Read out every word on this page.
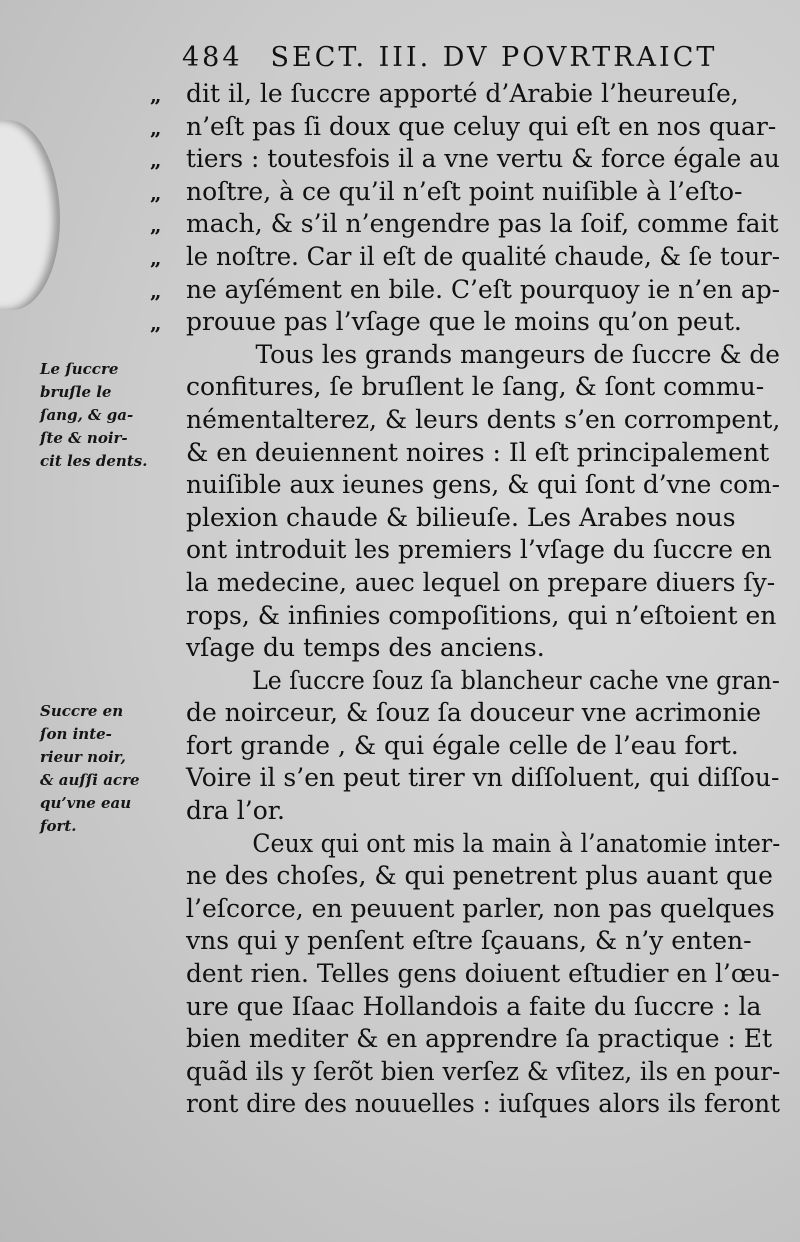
484 SECT. III. DV POVRTRAICT
„ dit il, le ſuccre apporté d’Arabie l’heureuſe,
„ n’eſt pas ſi doux que celuy qui eſt en nos quar-
„ tiers : toutesfois il a vne vertu & force égale au
„ noſtre, à ce qu’il n’eſt point nuiſible à l’eſto-
„ mach, & s’il n’engendre pas la ſoif, comme fait
„ le noſtre. Car il eſt de qualité chaude, & ſe tour-
„ ne ayſément en bile. C’eſt pourquoy ie n’en ap-
„ prouue pas l’vſage que le moins qu’on peut.
Tous les grands mangeurs de ſuccre & de
confitures, ſe bruſlent le ſang, & ſont commu-
némentalterez, & leurs dents s’en corrompent,
& en deuiennent noires : Il eſt principalement
nuiſible aux ieunes gens, & qui ſont d’vne com-
plexion chaude & bilieuſe. Les Arabes nous
ont introduit les premiers l’vſage du ſuccre en
la medecine, auec lequel on prepare diuers ſy-
rops, & infinies compoſitions, qui n’eſtoient en
vſage du temps des anciens.
Le ſuccre ſouz ſa blancheur cache vne gran-
de noirceur, & ſouz ſa douceur vne acrimonie
fort grande , & qui égale celle de l’eau fort.
Voire il s’en peut tirer vn diſſoluent, qui diſſou-
dra l’or.
Ceux qui ont mis la main à l’anatomie inter-
ne des choſes, & qui penetrent plus auant que
l’eſcorce, en peuuent parler, non pas quelques
vns qui y penſent eſtre ſçauans, & n’y enten-
dent rien. Telles gens doiuent eſtudier en l’œu-
ure que Iſaac Hollandois a faite du ſuccre : la
bien mediter & en apprendre ſa practique : Et
quãd ils y ſerõt bien verſez & vſitez, ils en pour-
ront dire des nouuelles : iuſques alors ils feront
Le ſuccre
bruſle le
ſang, & ga-
ſte & noir-
cit les dents.
Succre en
ſon inte-
rieur noir,
& auſſi acre
qu’vne eau
fort.
